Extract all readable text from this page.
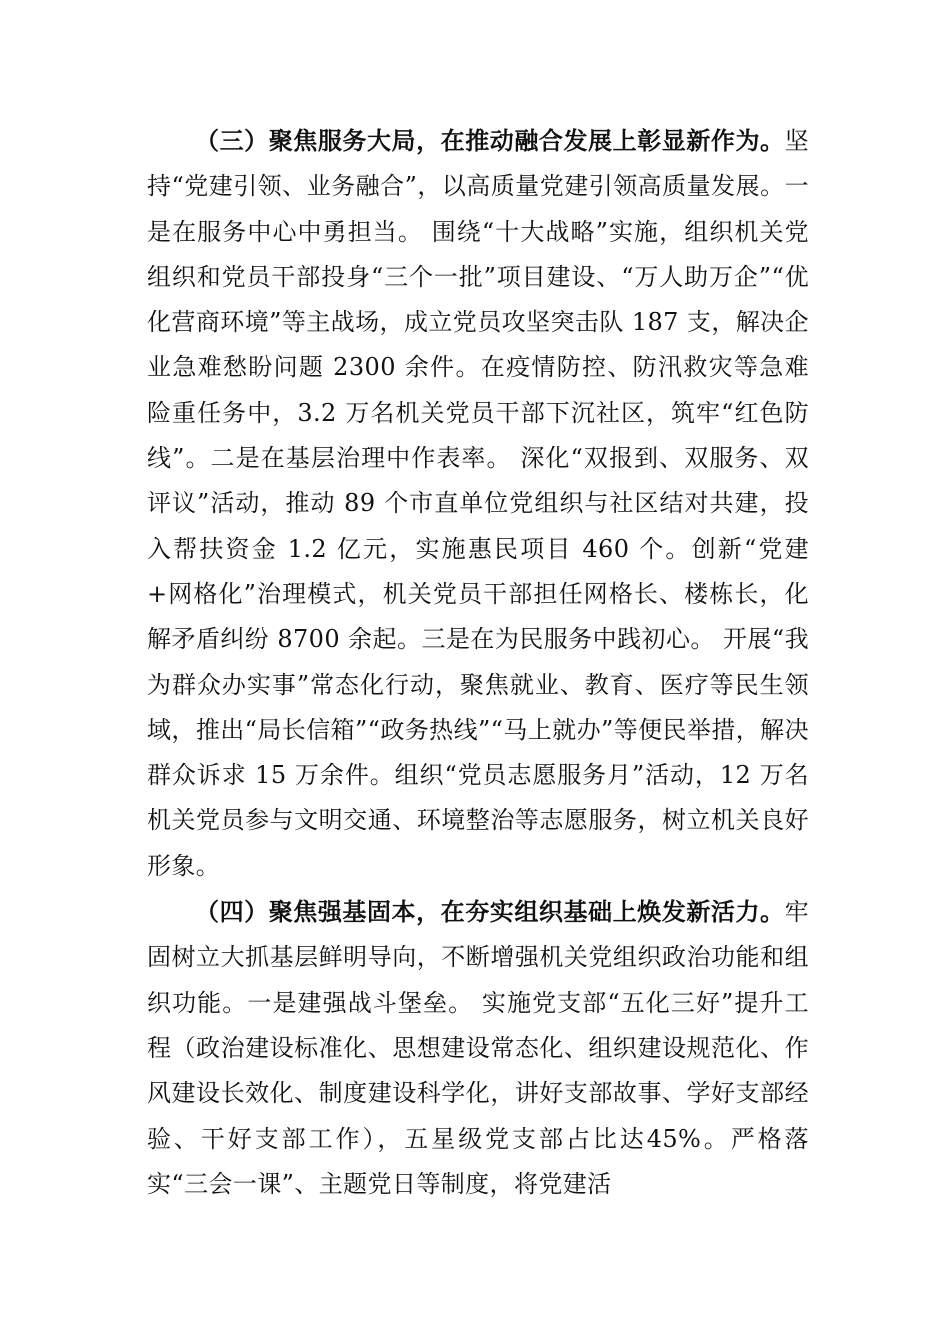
（三）聚焦服务大局，在推动融合发展上彰显新作为。坚持“党建引领、业务融合”，以高质量党建引领高质量发展。一是在服务中心中勇担当。 围绕“十大战略”实施，组织机关党组织和党员干部投身“三个一批”项目建设、“万人助万企”“优化营商环境”等主战场，成立党员攻坚突击队 187 支，解决企业急难愁盼问题 2300 余件。在疫情防控、防汛救灾等急难险重任务中，3.2 万名机关党员干部下沉社区，筑牢“红色防线”。二是在基层治理中作表率。 深化“双报到、双服务、双评议”活动，推动 89 个市直单位党组织与社区结对共建，投入帮扶资金 1.2 亿元，实施惠民项目 460 个。创新“党建+网格化”治理模式，机关党员干部担任网格长、楼栋长，化解矛盾纠纷 8700 余起。三是在为民服务中践初心。 开展“我为群众办实事”常态化行动，聚焦就业、教育、医疗等民生领域，推出“局长信箱”“政务热线”“马上就办”等便民举措，解决群众诉求 15 万余件。组织“党员志愿服务月”活动，12 万名机关党员参与文明交通、环境整治等志愿服务，树立机关良好形象。

（四）聚焦强基固本，在夯实组织基础上焕发新活力。牢固树立大抓基层鲜明导向，不断增强机关党组织政治功能和组织功能。一是建强战斗堡垒。 实施党支部“五化三好”提升工程（政治建设标准化、思想建设常态化、组织建设规范化、作风建设长效化、制度建设科学化，讲好支部故事、学好支部经验、干好支部工作），五星级党支部占比达45%。严格落实“三会一课”、主题党日等制度，将党建活
